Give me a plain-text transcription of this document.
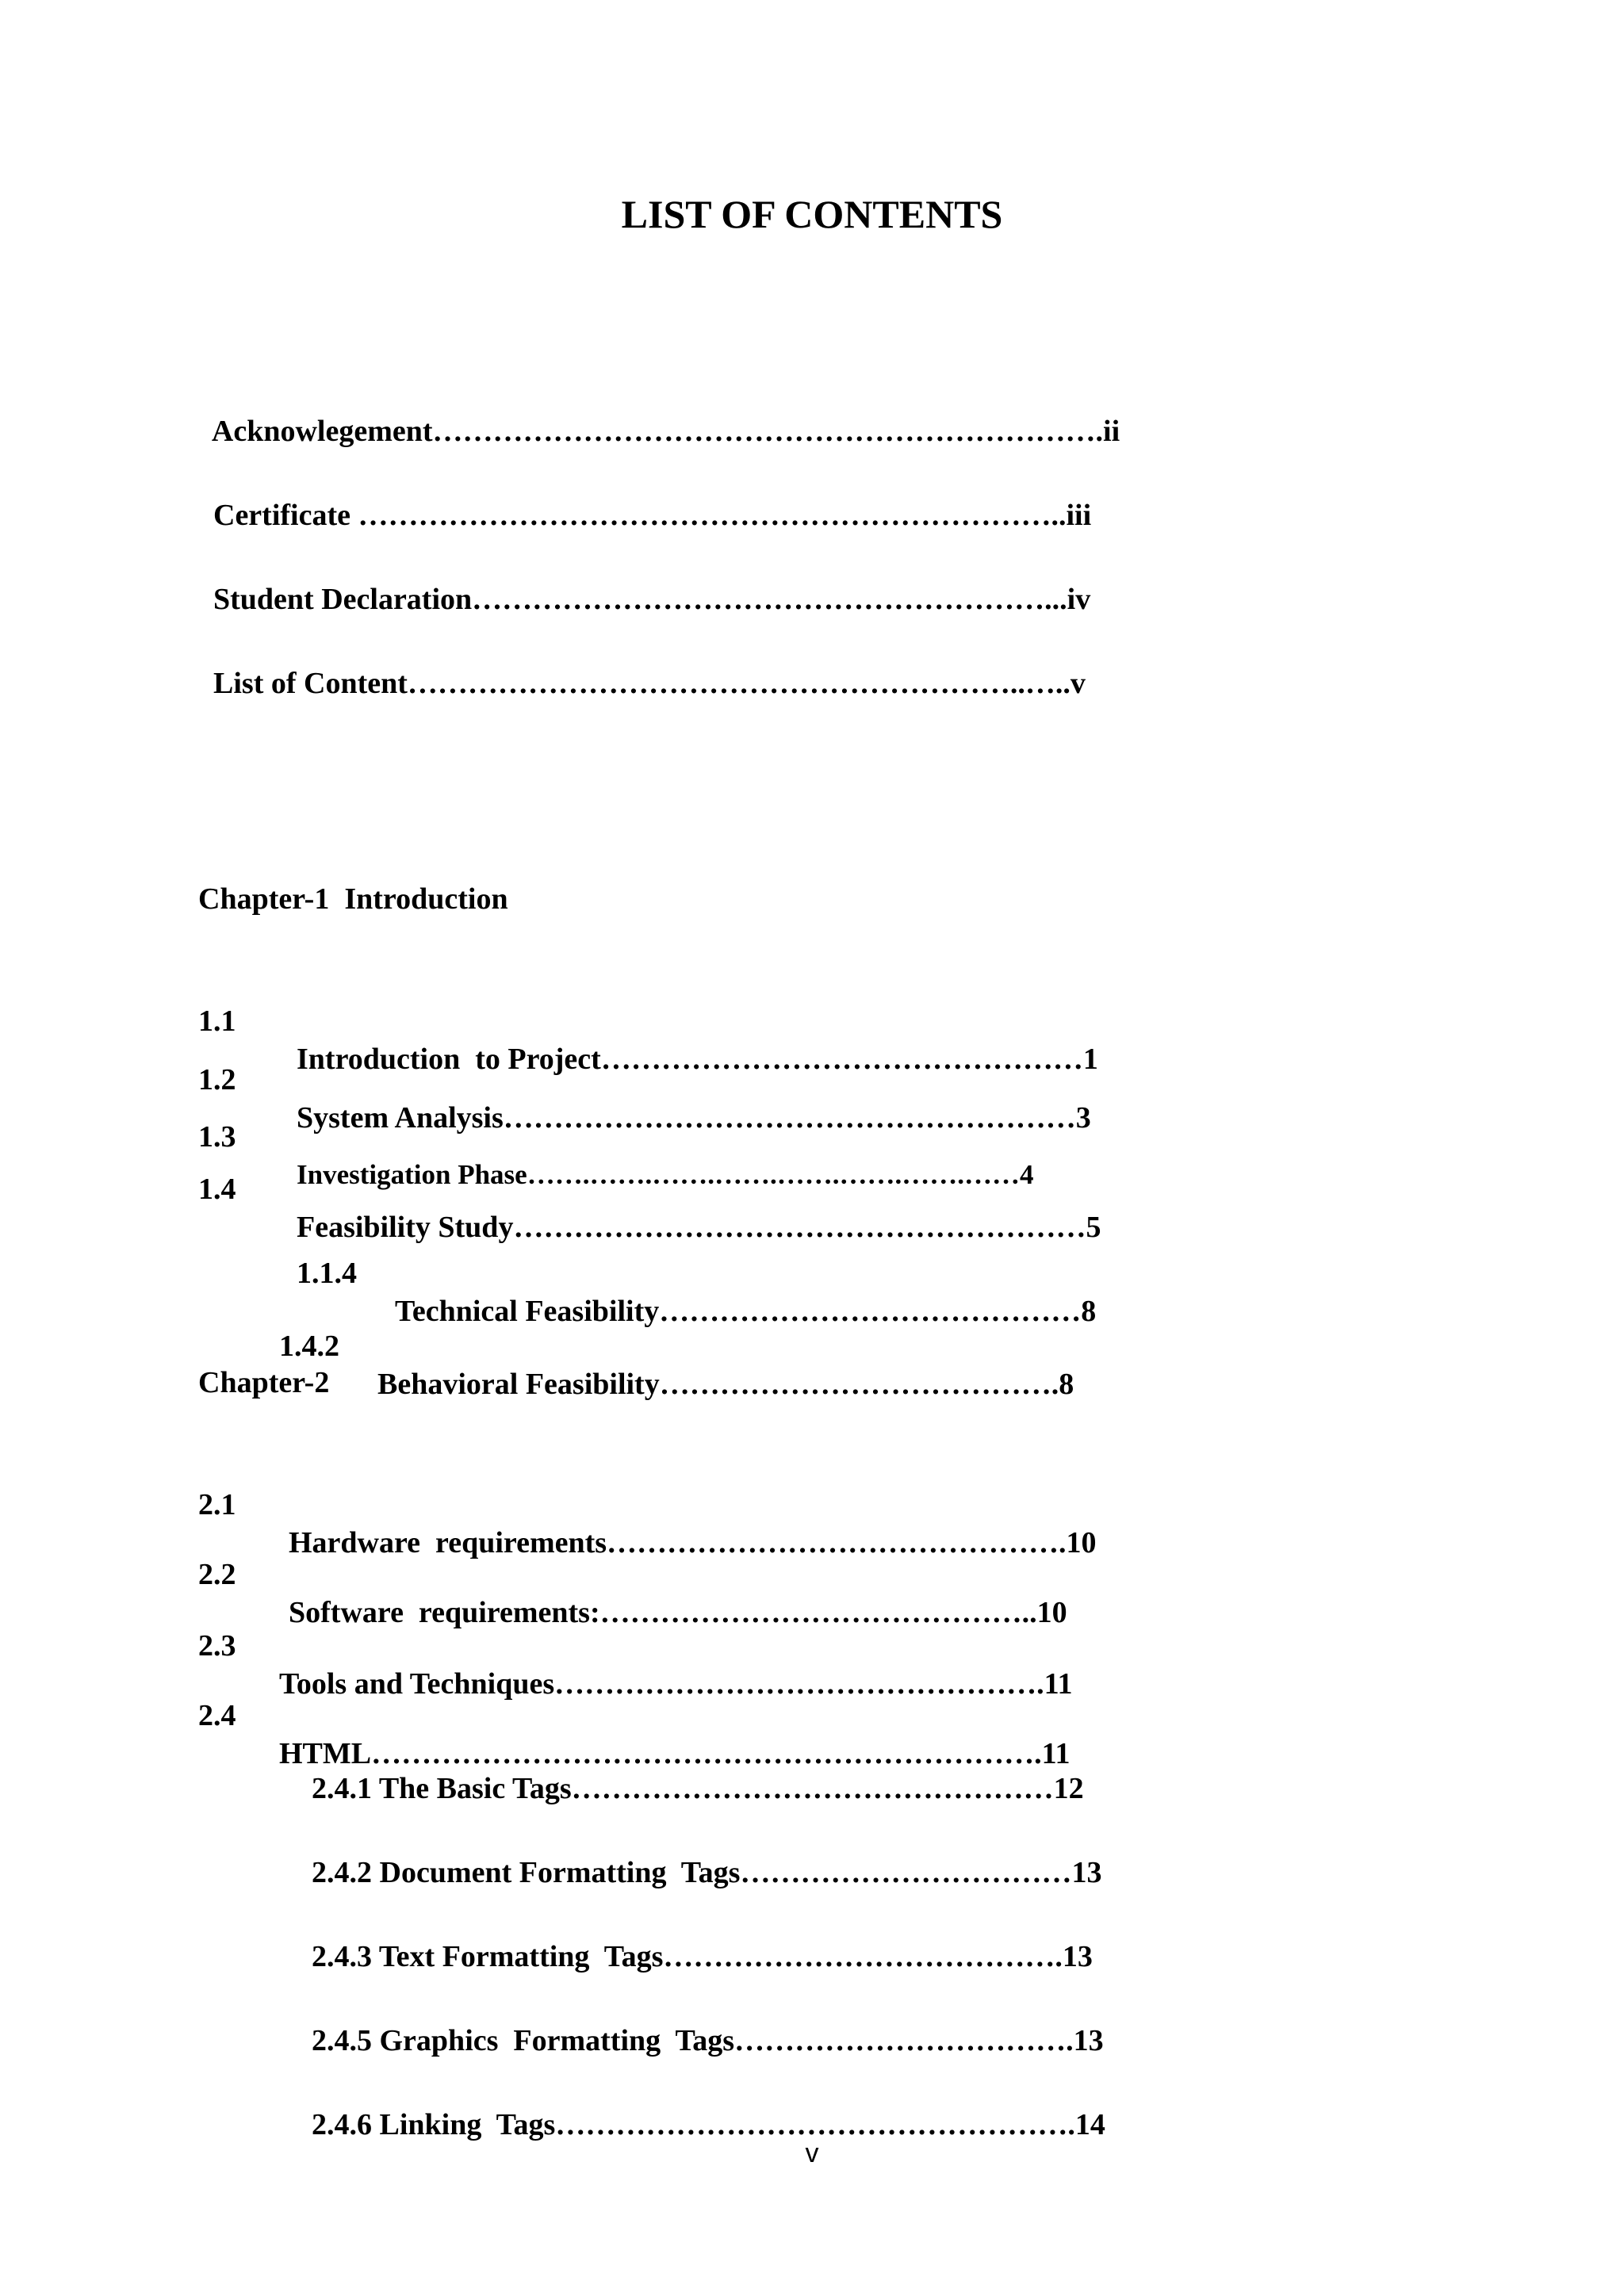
LIST OF CONTENTS

Acknowlegement………………………………………………………….ii

Certificate ……………………………………………………………..iii

Student Declaration…………………………………………………...iv

List of Content……………………………………………………..…..v

Chapter-1  Introduction

1.1

Introduction  to Project…………………………………………1

1.2

System Analysis…………………………………………………3

1.3

Investigation Phase…….…….…….…….…….…….…….……4

1.4

Feasibility Study…………………………………………………5

1.1.4

Technical Feasibility……………………………………8

1.4.2

Behavioral Feasibility………………………………….8

Chapter-2

2.1

Hardware  requirements……………………………………….10

2.2

Software  requirements:……………………………………..10

2.3

Tools and Techniques………………………………………….11

2.4

HTML………………………………………………………….11

2.4.1 The Basic Tags…………………………………………12

2.4.2 Document Formatting  Tags……………………………13

2.4.3 Text Formatting  Tags………………………………….13

2.4.5 Graphics  Formatting  Tags…………………………….13

2.4.6 Linking  Tags…………………………………………….14

v
